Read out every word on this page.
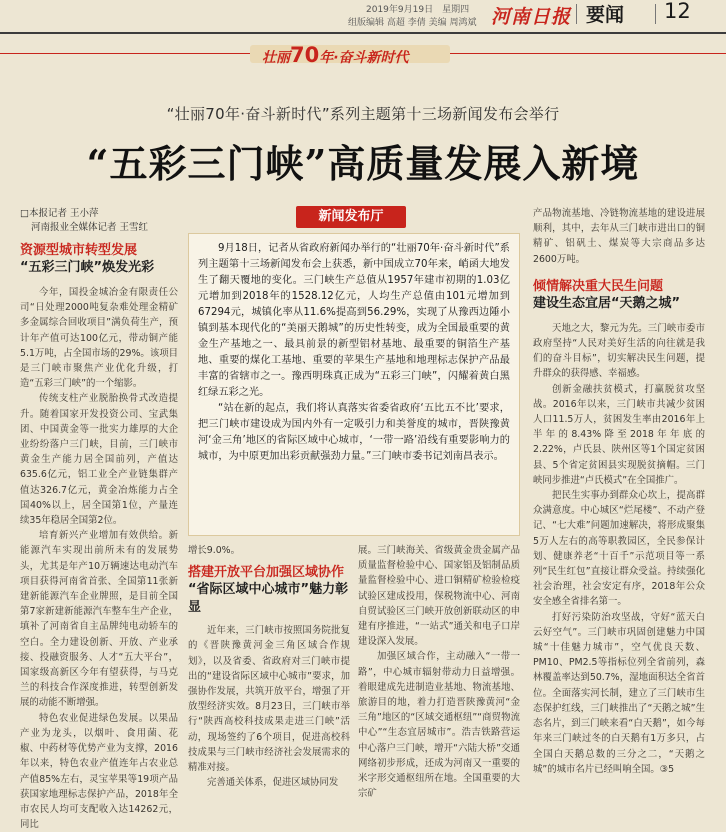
2019年9月19日　星期四
组版编辑 高超 李倩 美编 周鸿斌 河南日报 要闻 12
壮丽70年·奋斗新时代
“壮丽70年·奋斗新时代”系列主题第十三场新闻发布会举行
“五彩三门峡”高质量发展入新境
□本报记者 王小萍
河南报业全媒体记者 王雪红
资源型城市转型发展
“五彩三门峡”焕发光彩

今年，国投金城冶金有限责任公司“日处理2000吨复杂难处理金精矿多金属综合回收项目”满负荷生产，预计年产值可达100亿元，带动铜产能5.1万吨，占全国市场的29%。该项目是三门峡市聚焦产业优化升级，打造“五彩三门峡”的一个缩影。

传统支柱产业脱胎换骨式改造提升。随着国家开发投资公司、宝武集团、中国黄金等一批实力雄厚的大企业纷纷落户三门峡，目前，三门峡市黄金生产能力居全国前列，产值达635.6亿元，铝工业全产业链集群产值达326.7亿元，黄金冶炼能力占全国40%以上，居全国第1位，产量连续35年稳居全国第2位。

培育新兴产业增加有效供给。新能源汽车实现出前所未有的发展势头，尤其是年产10万辆速达电动汽车项目获得河南省首张、全国第11张新建新能源汽车企业牌照，是目前全国第7家新建新能源汽车整车生产企业，填补了河南省自主品牌纯电动轿车的空白。全力建设创新、开放、产业承接、投融资服务、人才“五大平台”，国家级高新区今年有望获得，与马克兰的科技合作深度推进，转型创新发展的动能不断增强。

特色农业促进绿色发展。以果品产业为龙头，以烟叶、食用菌、花椒、中药材等优势产业为支撑，2016年以来，特色农业产值连年占农业总产值85%左右，灵宝苹果等19项产品获国家地理标志保护产品，2018年全市农民人均可支配收入达14262元，同比

新闻发布厅

9月18日，记者从省政府新闻办举行的“壮丽70年·奋斗新时代”系列主题第十三场新闻发布会上获悉，新中国成立70年来，峭函大地发生了翻天覆地的变化。三门峡生产总值从1957年建市初期的1.03亿元增加到2018年的1528.12亿元，人均生产总值由101元增加到67294元，城镇化率从11.6%提高到56.29%，实现了从豫西边陲小镇到基本现代化的“美丽天鹅城”的历史性转变，成为全国最重要的黄金生产基地之一、最具前景的新型铝材基地、最重要的铜箔生产基地、重要的煤化工基地、重要的苹果生产基地和地理标志保护产品最丰富的省辖市之一。豫西明珠真正成为“五彩三门峡”，闪耀着黄白黑红绿五彩之光。

“站在新的起点，我们将认真落实省委省政府‘五比五不比’要求，把三门峡市建设成为国内外有一定吸引力和美誉度的城市，晋陕豫黄河‘金三角’地区的省际区域中心城市，‘一带一路’沿线有重要影响力的城市，为中原更加出彩贡献强劲力量。”三门峡市委书记刘南昌表示。

增长9.0%。

搭建开放平台加强区域协作
“省际区域中心城市”魅力彰显

近年来，三门峡市按照国务院批复的《晋陕豫黄河金三角区域合作规划》，以及省委、省政府对三门峡市提出的“建设省际区域中心城市”要求，加强协作发展，共筑开放平台，增强了开放型经济实效。8月23日，三门峡市举行“陕西高校科技成果走进三门峡”活动，现场签约了6个项目，促进高校科技成果与三门峡市经济社会发展需求的精准对接。

完善通关体系，促进区域协同发

展。三门峡海关、省级黄金贵金属产品质量监督检验中心、国家铝及铝制品质量监督检验中心、进口铜精矿检验检疫试验区建成投用，保税物流中心、河南自贸试验区三门峡开放创新联动区的申建有序推进，“一站式”通关和电子口岸建设深入发展。

加强区域合作，主动融入“一带一路”，中心城市辐射带动力日益增强。着眼建成先进制造业基地、物流基地、旅游目的地，着力打造晋陕豫黄河“金三角”地区的“区域交通枢纽”“商贸物流中心”“生态宜居城市”。浩吉铁路营运中心落户三门峡，增开“六陆大桥”交通网络初步形成，还成为河南又一重要的米字形交通枢纽所在地。全国重要的大宗矿

产品物流基地、冷链物流基地的建设进展顺利，其中，去年从三门峡市进出口的铜精矿、铝矾土、煤炭等大宗商品多达2600万吨。

倾情解决重大民生问题
建设生态宜居“天鹅之城”

天地之大，黎元为先。三门峡市委市政府坚持“人民对美好生活的向往就是我们的奋斗目标”，切实解决民生问题，提升群众的获得感、幸福感。

创新金融扶贫模式，打赢脱贫攻坚战。2016年以来，三门峡市共减少贫困人口11.5万人，贫困发生率由2016年上半年的8.43%降至2018年年底的2.22%，卢氏县、陕州区等1个国定贫困县、5个省定贫困县实现脱贫摘帽。三门峡同步推进“卢氏模式”在全国推广。

把民生实事办到群众心坎上，提高群众满意度。中心城区“烂尾楼”、不动产登记、“七大难”问题加速解决，将形成聚集5万人左右的高等职教园区，全民参保计划、健康养老“十百千”示范项目等一系列“民生红包”直接让群众受益。持续强化社会治理，社会安定有序，2018年公众安全感全省排名第一。

打好污染防治攻坚战，守好“蓝天白云好空气”。三门峡市巩固创建魅力中国城“十佳魅力城市”，空气优良天数、PM10、PM2.5等指标位列全省前列，森林覆盖率达到50.7%，湿地面积达全省首位。全面落实河长制，建立了三门峡市生态保护红线，三门峡推出了“天鹅之城”生态名片，到三门峡来看“白天鹅”，如今每年来三门峡过冬的白天鹅有1万多只，占全国白天鹅总数的三分之二，“天鹅之城”的城市名片已经叫响全国。③5
